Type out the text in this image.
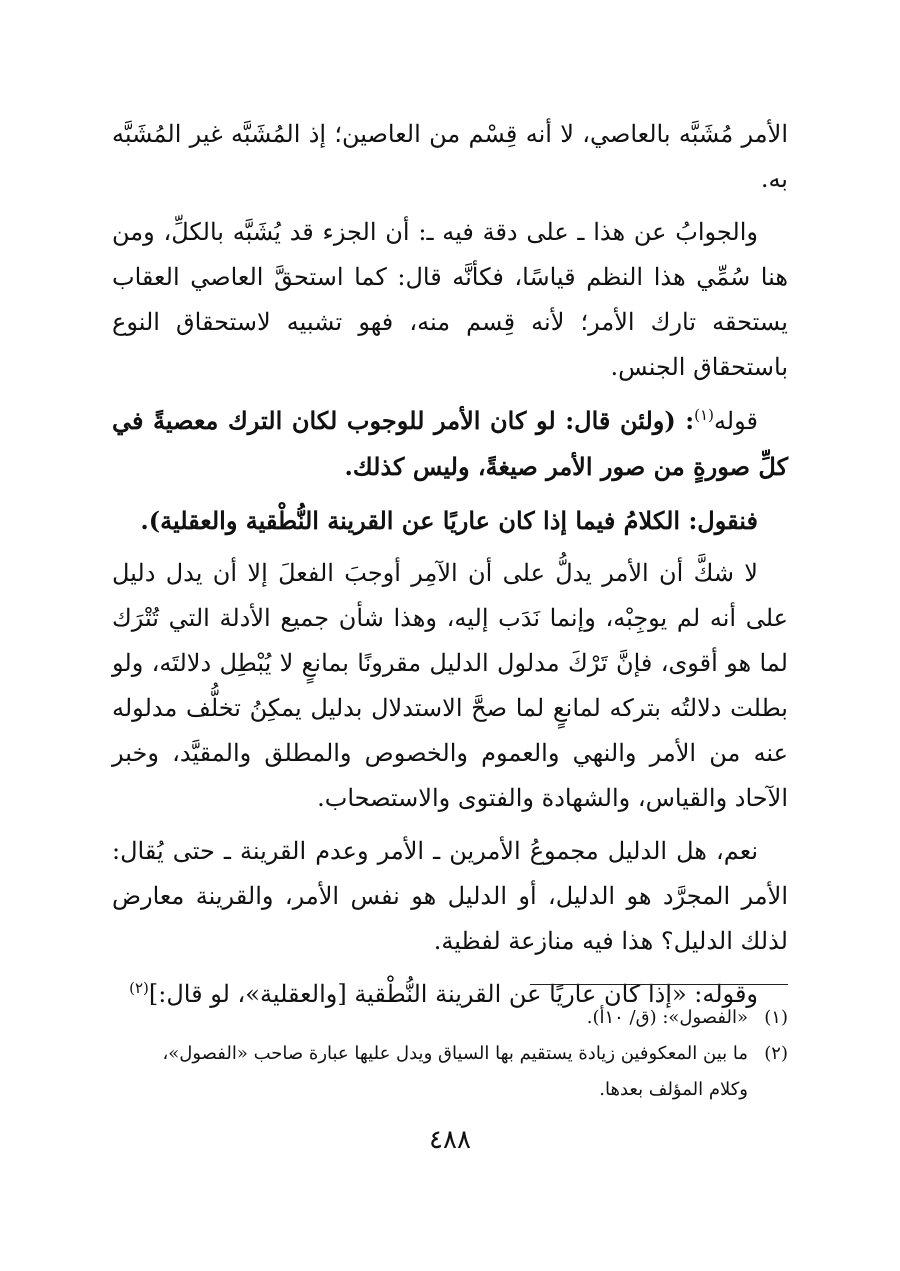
الأمر مُشَبَّه بالعاصي، لا أنه قِسْم من العاصين؛ إذ المُشَبَّه غير المُشَبَّه به.

والجوابُ عن هذا ـ على دقة فيه ـ: أن الجزء قد يُشَبَّه بالكلِّ، ومن هنا سُمِّي هذا النظم قياسًا، فكأنَّه قال: كما استحقَّ العاصي العقاب يستحقه تارك الأمر؛ لأنه قِسم منه، فهو تشبيه لاستحقاق النوع باستحقاق الجنس.

قوله$^{(١)}$: (ولئن قال: لو كان الأمر للوجوب لكان الترك معصيةً في كلِّ صورةٍ من صور الأمر صيغةً، وليس كذلك.

فنقول: الكلامُ فيما إذا كان عاريًا عن القرينة النُّطْقية والعقلية).

لا شكَّ أن الأمر يدلُّ على أن الآمِر أوجبَ الفعلَ إلا أن يدل دليل على أنه لم يوجِبْه، وإنما نَدَب إليه، وهذا شأن جميع الأدلة التي تُتْرَك لما هو أقوى، فإنَّ تَرْكَ مدلول الدليل مقرونًا بمانعٍ لا يُبْطِل دلالتَه، ولو بطلت دلالتُه بتركه لمانعٍ لما صحَّ الاستدلال بدليل يمكِنُ تخلُّف مدلوله عنه من الأمر والنهي والعموم والخصوص والمطلق والمقيَّد، وخبر الآحاد والقياس، والشهادة والفتوى والاستصحاب.

نعم، هل الدليل مجموعُ الأمرين ـ الأمر وعدم القرينة ـ حتى يُقال: الأمر المجرَّد هو الدليل، أو الدليل هو نفس الأمر، والقرينة معارض لذلك الدليل؟ هذا فيه منازعة لفظية.

وقوله: «إذا كان عاريًا عن القرينة النُّطْقية [والعقلية»، لو قال:]$^{(٢)}$

(١)«الفصول»: (ق/ ١٠أ).

(٢)ما بين المعكوفين زيادة يستقيم بها السياق ويدل عليها عبارة صاحب «الفصول»،

وكلام المؤلف بعدها.

٤٨٨
